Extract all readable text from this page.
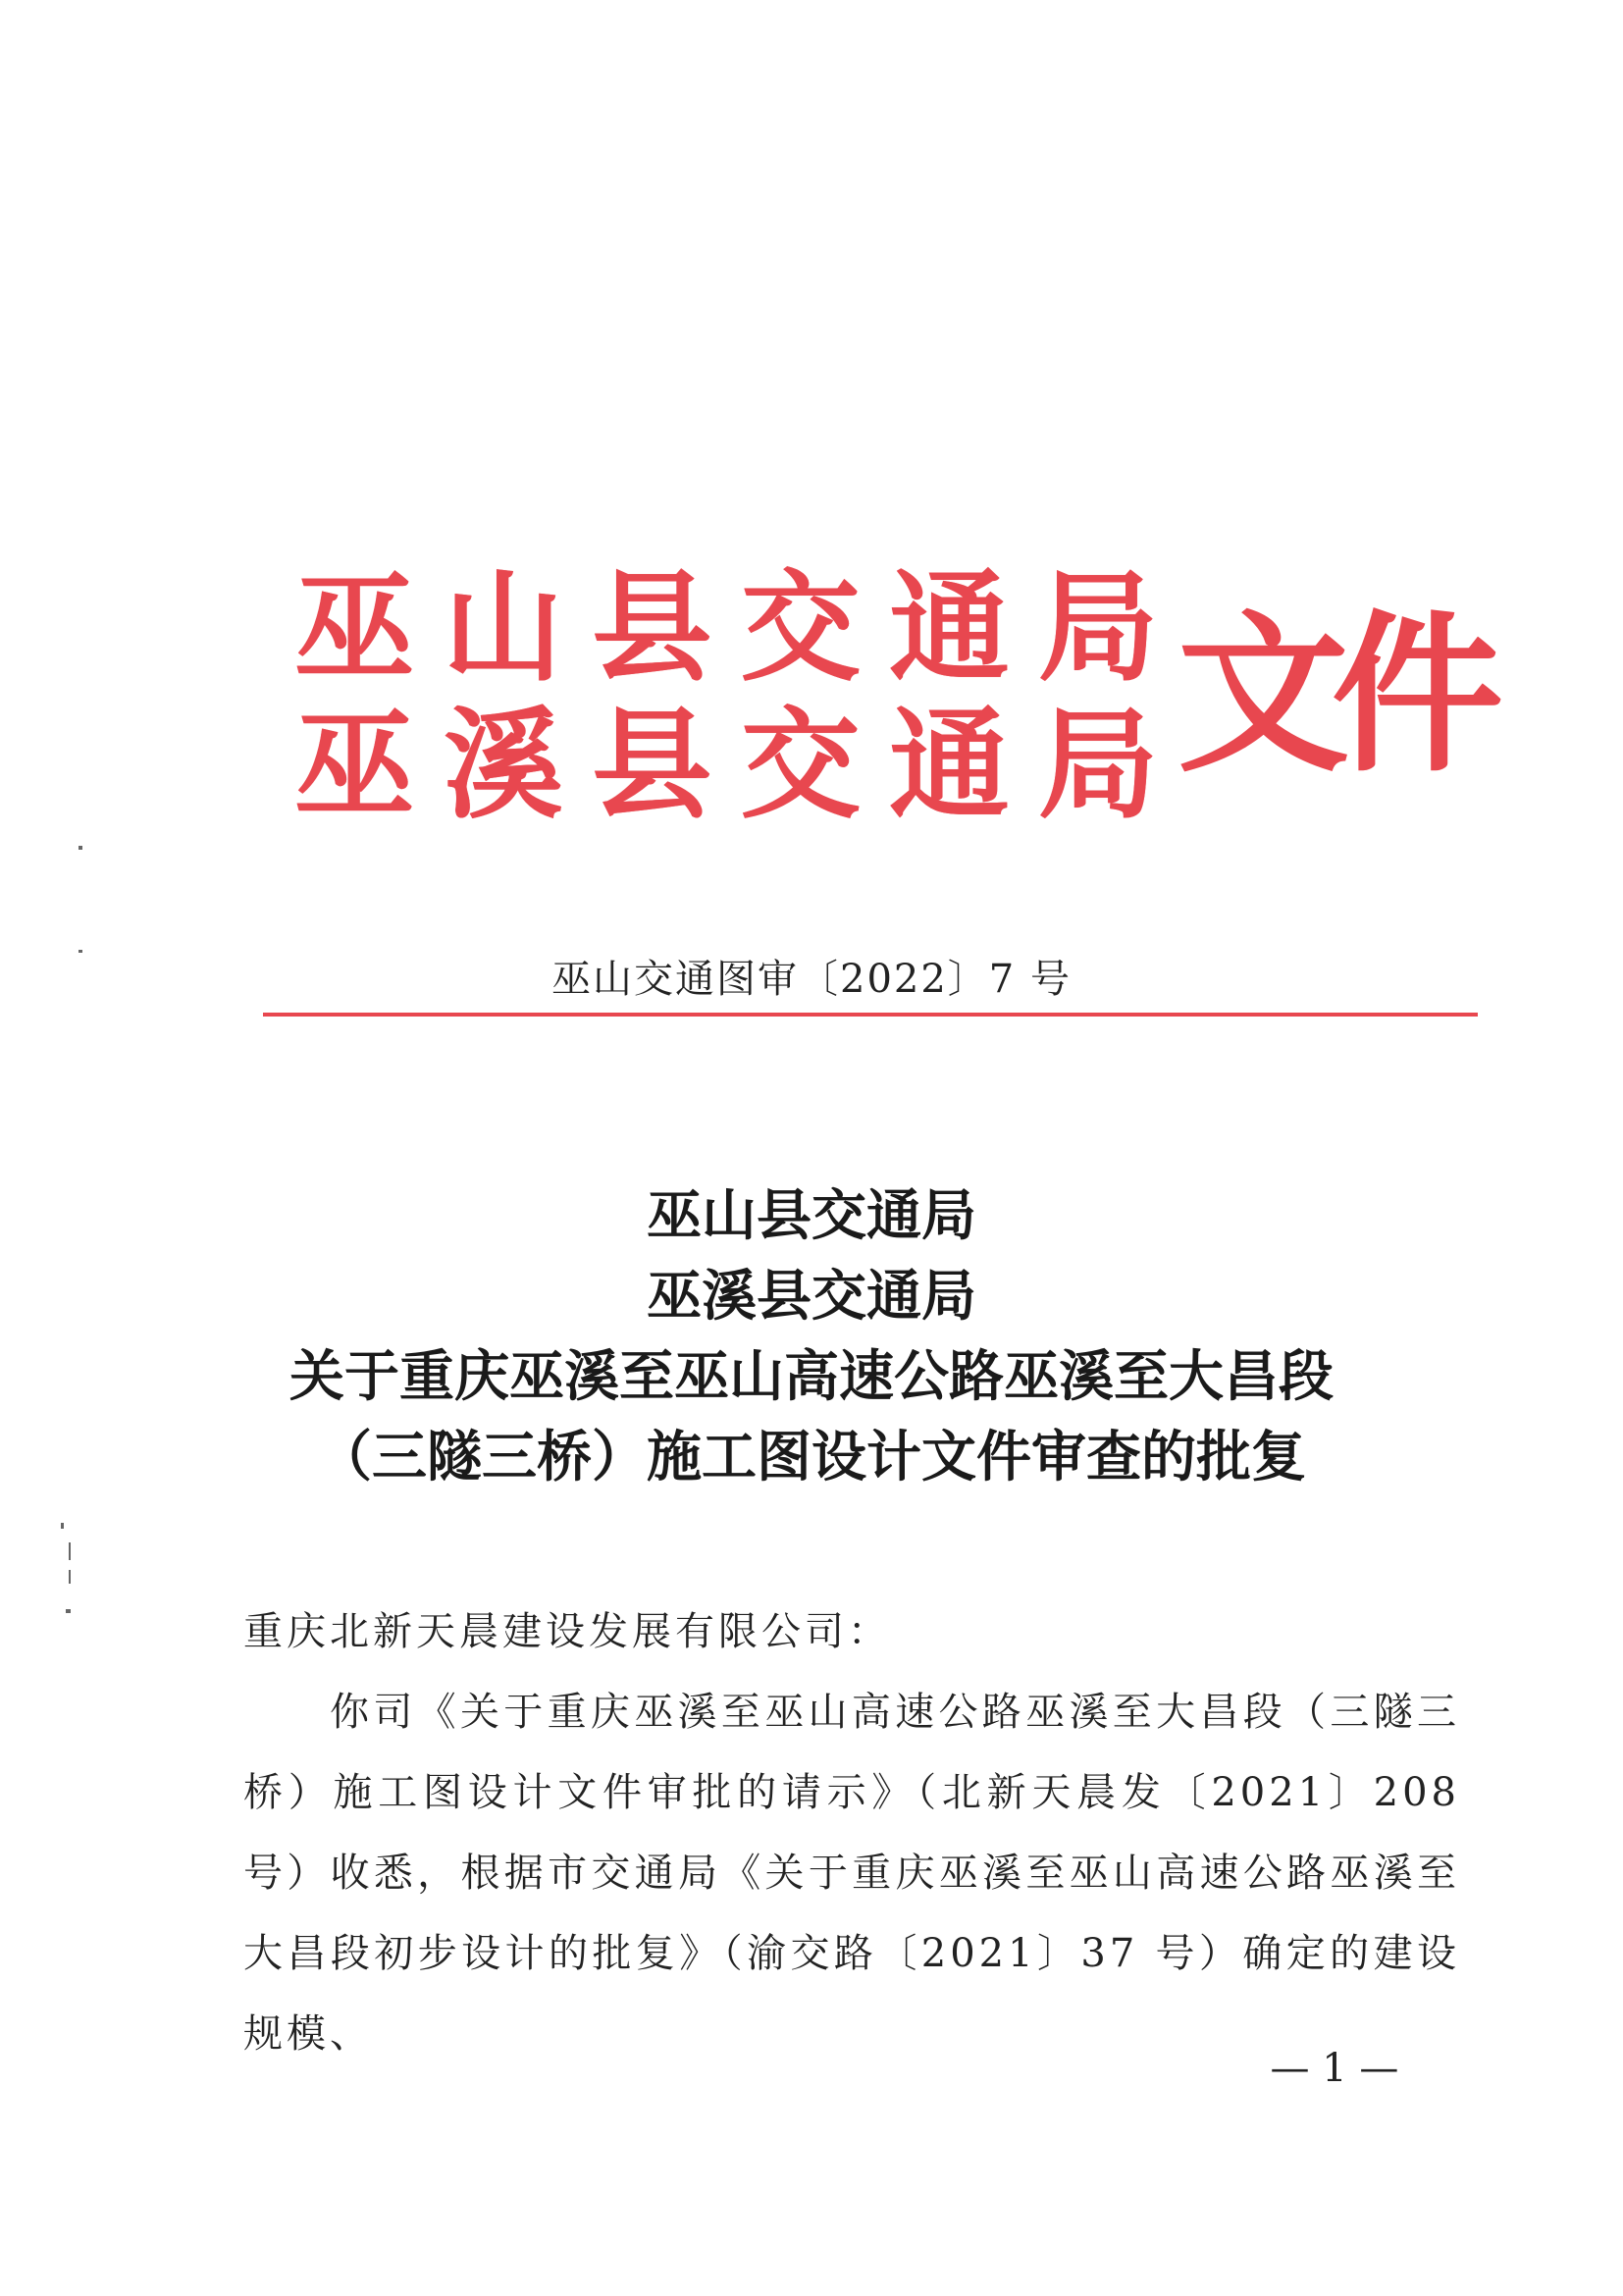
巫 山 县 交 通 局
巫 溪 县 交 通 局 文件
巫山交通图审〔2022〕7 号
巫山县交通局
巫溪县交通局
关于重庆巫溪至巫山高速公路巫溪至大昌段
（三隧三桥）施工图设计文件审查的批复

重庆北新天晨建设发展有限公司：

你司《关于重庆巫溪至巫山高速公路巫溪至大昌段（三隧三桥）施工图设计文件审批的请示》（北新天晨发〔2021〕208 号）收悉，根据市交通局《关于重庆巫溪至巫山高速公路巫溪至大昌段初步设计的批复》（渝交路〔2021〕37 号）确定的建设规模、

— 1 —
